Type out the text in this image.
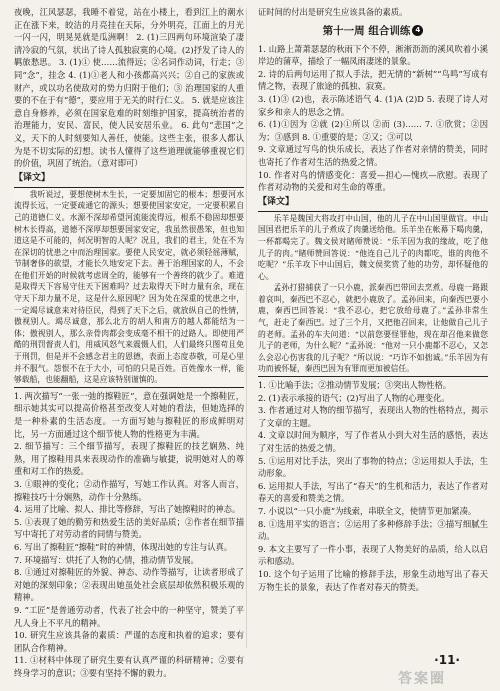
夜晚，江风瑟瑟，我睡不着觉，站在小楼上，看到江上的潮水正在涨下来，皎洁的月亮挂在天际，分外明亮，江面上的月光一闪一闪，明晃晃就是瓜洲啊！ 2. (1)三四两句环境渲染了凄清冷寂的气氛，状出了诗人孤独寂寞的心境。(2)抒发了诗人的羁旅愁思。 3. (1)① 使……流得远；②名词作动词，行走；③ 同“念”，挂念 4. (1)①老人和小孩都高兴兴；②自己的家族或财产，或以功名使敌对的势力归附于他们；③ 治理国家的人重要的不在于有“德”，要应用于无关的时行仁义。 5. 就是应该注意自身修养，必须在国家危难的时刻维护国家，提高统治者的治理能力，安民、富民，使人民安居乐业。 6. 此句“悲国”之义，天下的人时刻要知人善任，使能。这些主张，很多人都认为是不切实际的幻想。读书人懂得了这些道理就能够重视它们的价值，巩固了统治。（意对即可）

【译文】

我听说过，要想使树木生长，一定要加固它的根本；想要河水流得长远，一定要疏通它的源头；想要使国家安定，一定要积累自己的道德仁义。水源不深却希望河流能流得远，根系不稳固却想要树木长得高，道德不深厚却想要国家安定，我虽然很愚笨，但也知道这是不可能的，何况明智的人呢？况且，我们的君主，处在不为在深切的忧患之中而治理国家。要使人民安定，就必须轻徭薄赋，节制奢侈的欲望，才能长久地安定下去。善于治理国家的人，不会在他们开始的时候就考虑周全的，能够有一个善终的就少了。难道是取得天下容易守住天下困难吗？过去取得天下时力量有余，现在守天下却力量不足，这是什么原因呢？因为处在深重的忧患之中，一定竭尽诚意来对待臣民，得到了天下之后，就放纵自己的性情，傲视别人。竭尽诚意，那么北方的胡人和南方的越人都能结为一体；傲视别人，那么亲骨肉都会变成毫不相干的过路人。即使用严酷的刑罚督责人们，用威风怒气来震慑人们，人们最终只图苟且免于刑罚，但是并不会感念君主的恩德，表面上态度恭敬，可是心里并不服气。怨恨不在于大小，可怕的只是百姓。百姓像水一样，能够载船，也能翻船，这是应该特别谨慎的。

1. 两次描写“一张一弛的擦鞋匠”，意在强调她是一个擦鞋匠，细示她其实可以提高价格甚至改变人对她的看法，但她选择的是一种朴素的生活态度。一方面写她与擦鞋匠的形成鲜明对比，另一方面通过这个细节使人物的性格更为丰满。

2. 细节描写：三个细节描写，表现了擦鞋匠的技艺娴熟、纯熟，用了擦鞋用具来表现动作的准确与敏捷，说明她对人的尊重和对工作的热爱。

3. ①眼神的变化；②动作描写，写她工作认真。对客人而言，擦鞋技巧十分娴熟，动作十分熟练。

4. 运用了比喻、拟人、排比等修辞，写出了她擦鞋时的神态。

5. ①表现了她的勤劳和热爱生活的美好品质；②作者在细节描写中寄托了对劳动者的同情与赞美。

6. 写出了擦鞋匠“擦鞋”时的神情，体现出她的专注与认真。

7. 环境描写：烘托了人物的心情，推动情节发展。

8. ①通过对擦鞋匠的外貌、神态、动作等描写，让读者形成了对她的深刻印象；②表现出她虽处社会底层却依然积极乐观的精神。

9. “工匠”是普通劳动者，代表了社会中的一种坚守，赞美了平凡人身上不平凡的精神。

10. 研究生应该具备的素质：严谨的态度和执着的追求；要有团队合作精神。

11. ①材料中体现了研究生要有认真严谨的科研精神；②要有终身学习的意识；③要有坚持不懈的毅力。

证时间的付出是研究生应该具备的素质。

第十一周 组合训练 4

1. 山路上萧萧瑟瑟的秋雨下个不停，淅淅沥沥的溪风吹着小溪岸边的蒲草，描绘了一幅凤雨凄迷的景象。

2. 诗的后两句运用了拟人手法，把无情的“新树”“鸟鸣”写成有情之物，表现了旅途的孤独、寂寞。

3. (1)③ (2)也，表示陈述语气 4. (1)A (2)D 5. 表现了诗人对家乡和亲人的思念之情。

6. (1)①因为 ②就 (2)①所以 ②而 (3)…… 7. ①欣赏；②因为；③感到 8. ①重要的是；②又；③可以

9. 文章通过写鸟的快乐成长，表达了作者对亲情的赞美，同时也寄托了作者对生活的热爱之情。

10. 作者对鸟的情感变化：喜爱—担心—愧疚—欣慰。表现了作者对动物的关爱和对生命的尊重。

【译文】

乐羊是魏国大将攻打中山国，他的儿子在中山国里做官。中山国国君把乐羊的儿子煮成了肉羹送给他。乐羊坐在帐幕下喝肉羹，一杯都喝完了。魏文侯对睹师赞说：“乐羊因为我的缘故，吃了他儿子的肉。”睹师赞回答说：“他连自己儿子的肉都吃，谁的肉他不吃呢？”乐羊攻下中山国后，魏文侯奖赏了他的功劳，却怀疑他的心。

孟孙打猎捕获了一只小鹿，派秦西巴带回去烹煮。母鹿一路跟着哀叫，秦西巴不忍心，就把小鹿放了。孟孙回来，向秦西巴要小鹿，秦西巴回答说：“我不忍心，把它放给母鹿了。”孟孙非常生气，赶走了秦西巴。过了三个月，又把他召回来，让他做自己儿子的老师。孟孙的车夫问道：“以前您要怪罪他，现在却召他来做您儿子的老师，为什么呢？”孟孙说：“他对一只小鹿都不忍心，又怎么会忍心伤害我的儿子呢？”所以说：“巧诈不如拙诚。”乐羊因为有功而被怀疑，秦西巴因为有罪而更加被信任。

1. ①比喻手法；②推动情节发展；③突出人物性格。

2. (1)表示承接的语气；(2)写出了人物的心理变化。

3. 作者通过对人物的细节描写，表现出人物的性格特点，揭示了文章的主题。

4. 文章以时间为顺序，写了作者从小到大对生活的感悟，表达了对生活的热爱之情。

5. ①运用对比手法，突出了事物的特点；②运用拟人手法，生动形象。

6. 运用拟人手法，写出了“春天”的生机和活力，表达了作者对春天的喜爱和赞美之情。

7. 小说以“一只小鹿”为线索，串联全文，使情节更加紧凑。

8. ①选用平实的语言；②运用了多种修辞手法；③描写细腻生动。

9. 本文主要写了一件小事，表现了人物美好的品质，给人以启示和感动。

10. 这个句子运用了比喻的修辞手法，形象生动地写出了春天万物生长的景象，表达了作者对春天的赞美。

·11·
答案圈
